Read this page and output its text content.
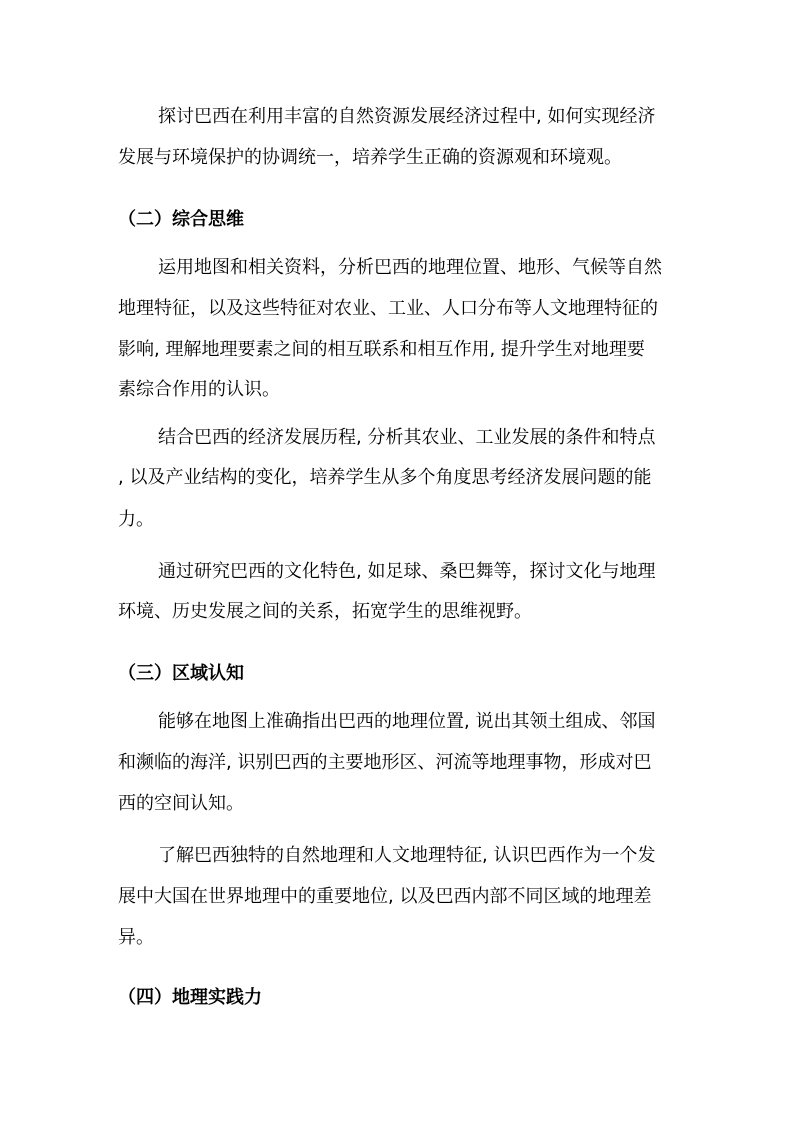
探讨巴西在利用丰富的自然资源发展经济过程中, 如何实现经济
发展与环境保护的协调统一，培养学生正确的资源观和环境观。
（二）综合思维
运用地图和相关资料，分析巴西的地理位置、地形、气候等自然
地理特征，以及这些特征对农业、工业、人口分布等人文地理特征的
影响, 理解地理要素之间的相互联系和相互作用, 提升学生对地理要
素综合作用的认识。
结合巴西的经济发展历程, 分析其农业、工业发展的条件和特点
, 以及产业结构的变化，培养学生从多个角度思考经济发展问题的能
力。
通过研究巴西的文化特色, 如足球、桑巴舞等，探讨文化与地理
环境、历史发展之间的关系，拓宽学生的思维视野。
（三）区域认知
能够在地图上准确指出巴西的地理位置, 说出其领土组成、邻国
和濒临的海洋, 识别巴西的主要地形区、河流等地理事物，形成对巴
西的空间认知。
了解巴西独特的自然地理和人文地理特征, 认识巴西作为一个发
展中大国在世界地理中的重要地位, 以及巴西内部不同区域的地理差
异。
（四）地理实践力
